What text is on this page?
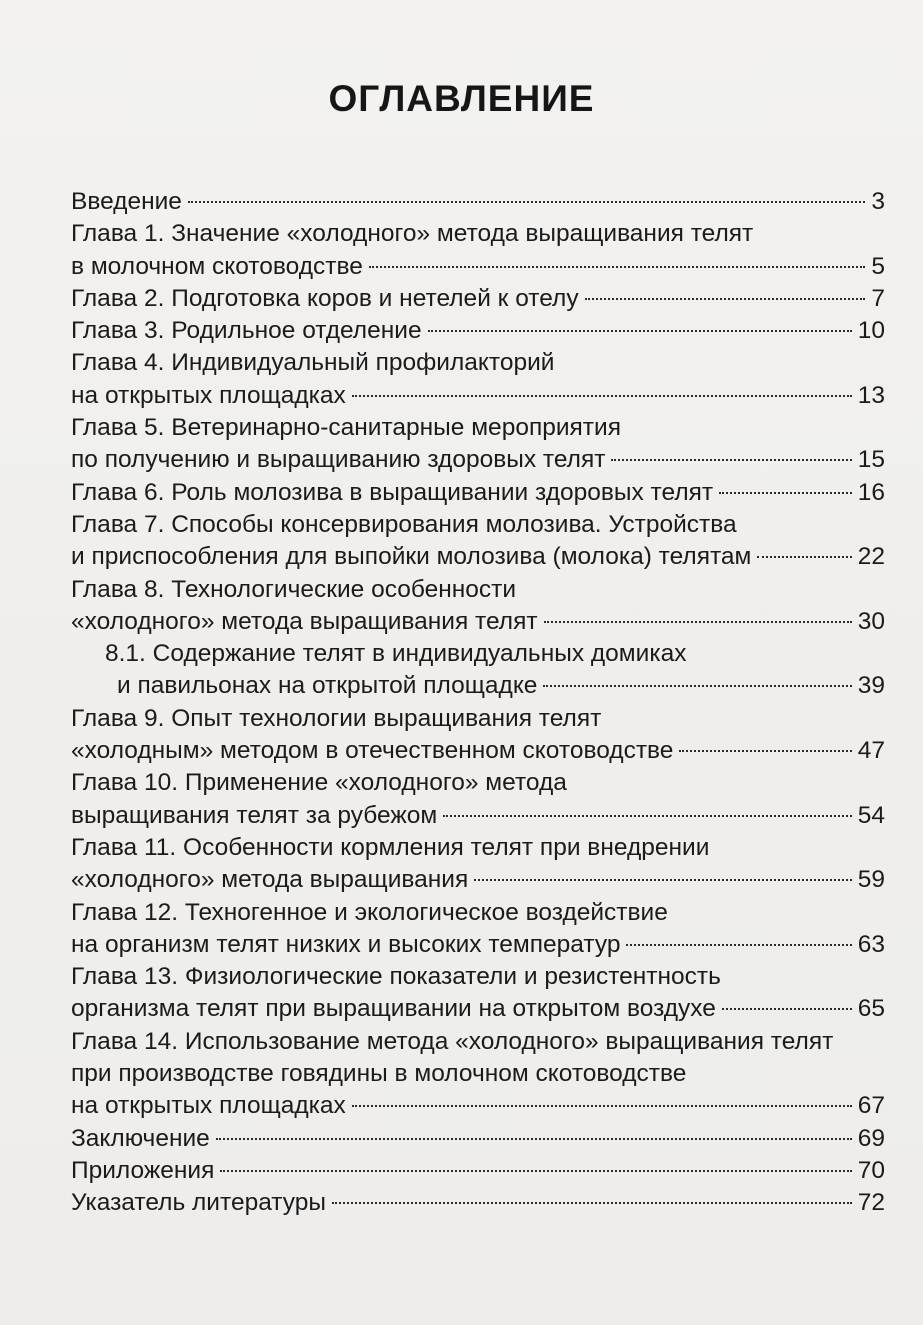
ОГЛАВЛЕНИЕ
Введение	3
Глава 1. Значение «холодного» метода выращивания телят
в молочном скотоводстве	5
Глава 2. Подготовка коров и нетелей к отелу	7
Глава 3. Родильное отделение	10
Глава 4. Индивидуальный профилакторий
на открытых площадках	13
Глава 5. Ветеринарно-санитарные мероприятия
по получению и выращиванию здоровых телят	15
Глава 6. Роль молозива в выращивании здоровых телят	16
Глава 7. Способы консервирования молозива. Устройства
и приспособления для выпойки молозива (молока) телятам	22
Глава 8. Технологические особенности
«холодного» метода выращивания телят	30
8.1. Содержание телят в индивидуальных домиках
и павильонах на открытой площадке	39
Глава 9. Опыт технологии выращивания телят
«холодным» методом в отечественном скотоводстве	47
Глава 10. Применение «холодного» метода
выращивания телят за рубежом	54
Глава 11. Особенности кормления телят при внедрении
«холодного» метода выращивания	59
Глава 12. Техногенное и экологическое воздействие
на организм телят низких и высоких температур	63
Глава 13. Физиологические показатели и резистентность
организма телят при выращивании на открытом воздухе	65
Глава 14. Использование метода «холодного» выращивания телят
при производстве говядины в молочном скотоводстве
на открытых площадках	67
Заключение	69
Приложения	70
Указатель литературы	72
